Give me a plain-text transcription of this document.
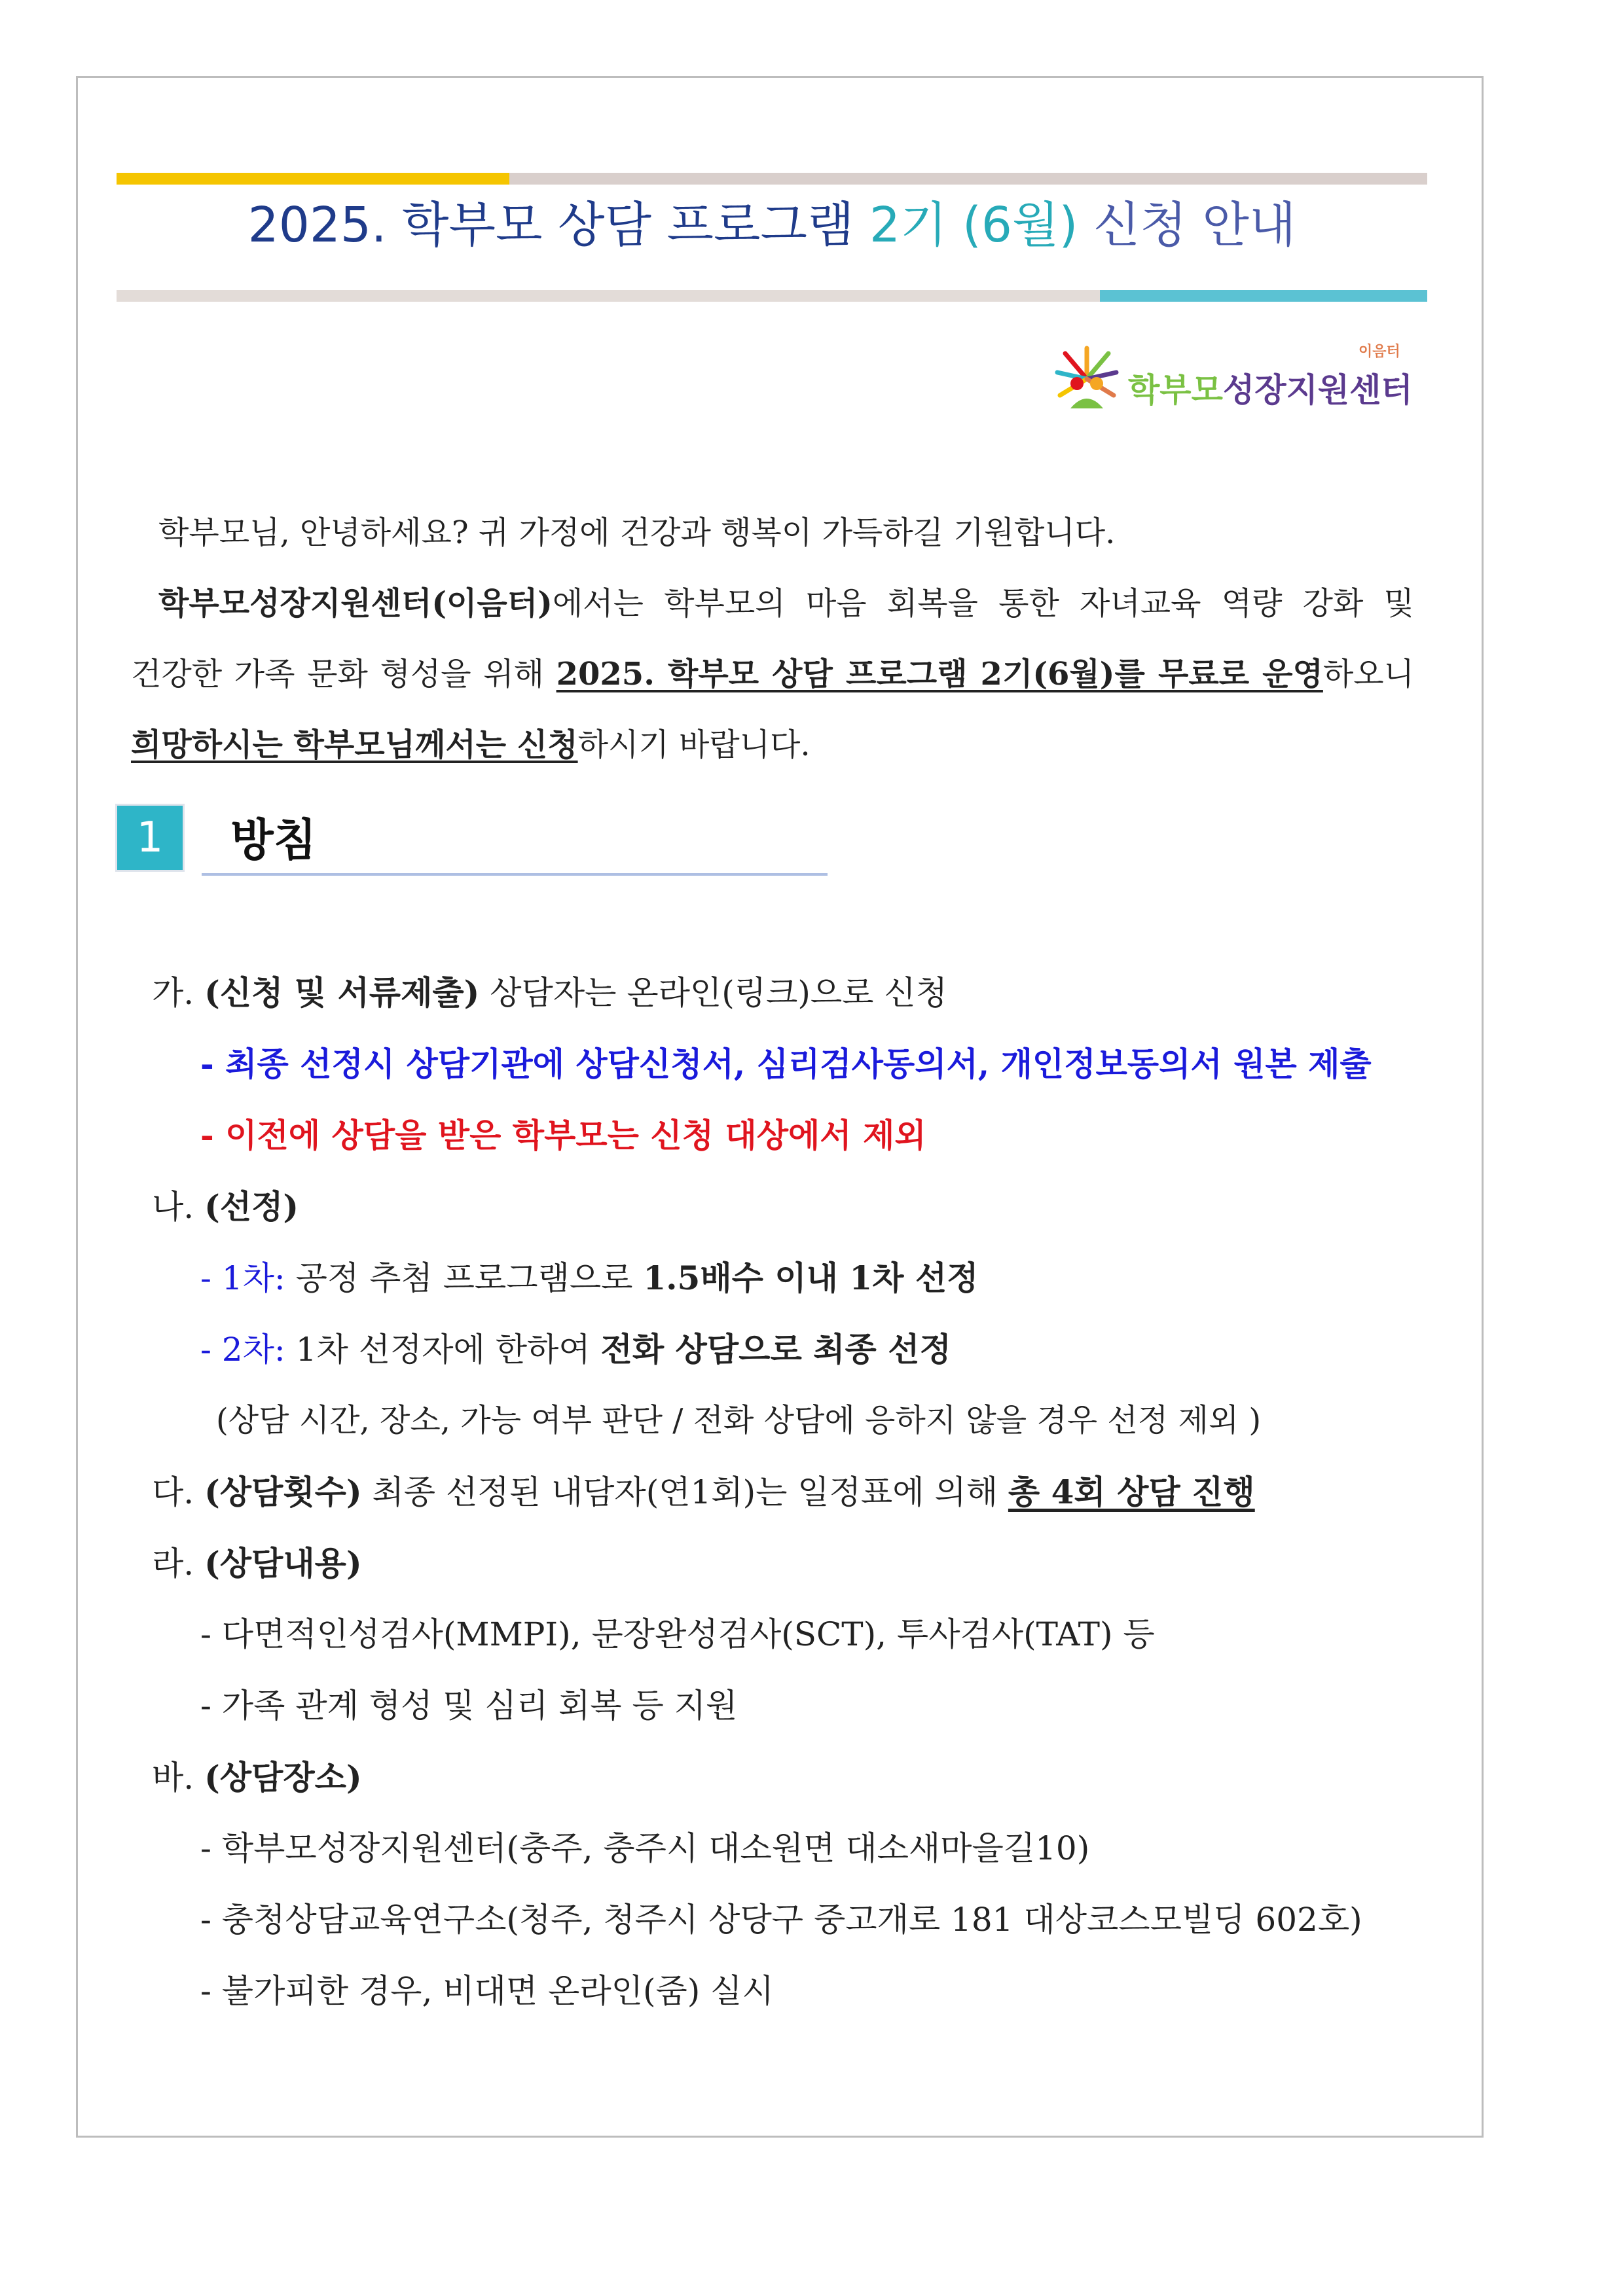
2025. 학부모 상담 프로그램 2기 (6월) 신청 안내
학부모성장지원센터
이음터

학부모님, 안녕하세요? 귀 가정에 건강과 행복이 가득하길 기원합니다.

학부모성장지원센터(이음터)에서는 학부모의 마음 회복을 통한 자녀교육 역량 강화 및

건강한 가족 문화 형성을 위해 2025. 학부모 상담 프로그램 2기(6월)를 무료로 운영하오니

희망하시는 학부모님께서는 신청하시기 바랍니다.

1	방침
가. (신청 및 서류제출) 상담자는 온라인(링크)으로 신청
- 최종 선정시 상담기관에 상담신청서, 심리검사동의서, 개인정보동의서 원본 제출
- 이전에 상담을 받은 학부모는 신청 대상에서 제외
나. (선정)
- 1차: 공정 추첨 프로그램으로 1.5배수 이내 1차 선정
- 2차: 1차 선정자에 한하여 전화 상담으로 최종 선정
(상담 시간, 장소, 가능 여부 판단 / 전화 상담에 응하지 않을 경우 선정 제외 )
다. (상담횟수) 최종 선정된 내담자(연1회)는 일정표에 의해 총 4회 상담 진행
라. (상담내용)
- 다면적인성검사(MMPI), 문장완성검사(SCT), 투사검사(TAT) 등
- 가족 관계 형성 및 심리 회복 등 지원
바. (상담장소)
- 학부모성장지원센터(충주, 충주시 대소원면 대소새마을길10)
- 충청상담교육연구소(청주, 청주시 상당구 중고개로 181 대상코스모빌딩 602호)
- 불가피한 경우, 비대면 온라인(줌) 실시
